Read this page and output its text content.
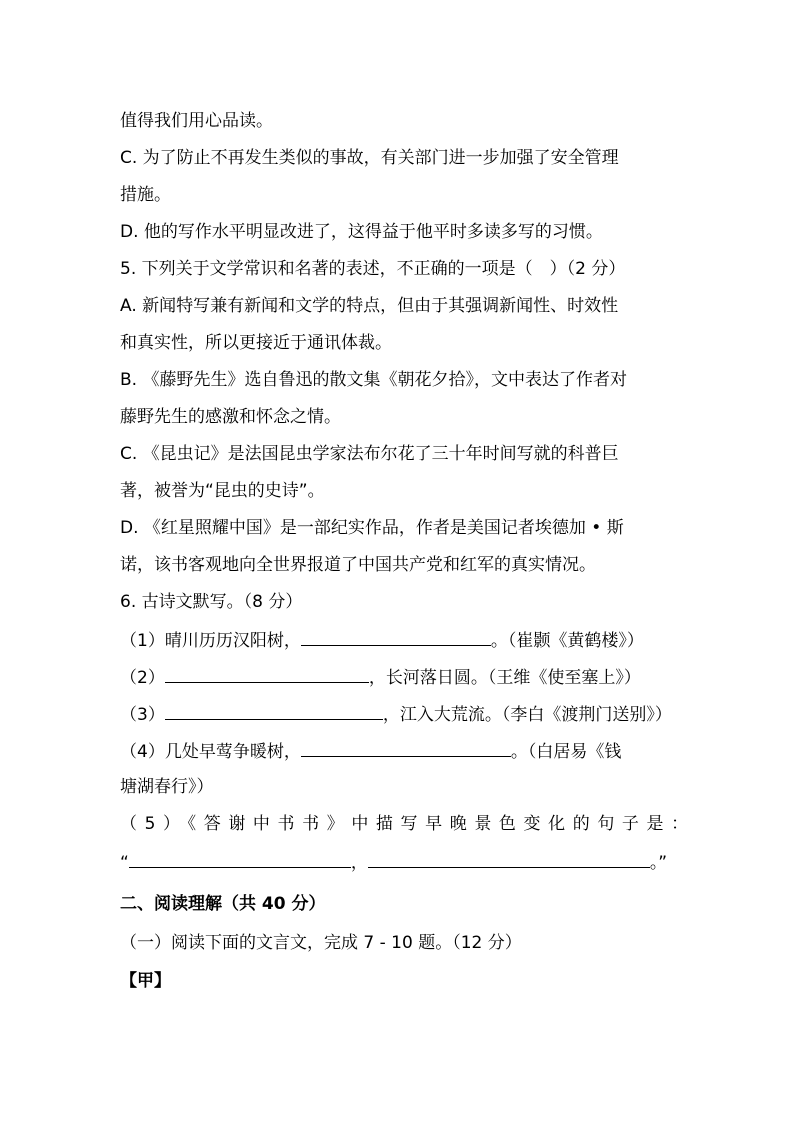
值得我们用心品读。
C. 为了防止不再发生类似的事故，有关部门进一步加强了安全管理
措施。
D. 他的写作水平明显改进了，这得益于他平时多读多写的习惯。
5. 下列关于文学常识和名著的表述，不正确的一项是（　）（2 分）
A. 新闻特写兼有新闻和文学的特点，但由于其强调新闻性、时效性
和真实性，所以更接近于通讯体裁。
B. 《藤野先生》选自鲁迅的散文集《朝花夕拾》，文中表达了作者对
藤野先生的感激和怀念之情。
C. 《昆虫记》是法国昆虫学家法布尔花了三十年时间写就的科普巨
著，被誉为“昆虫的史诗”。
D. 《红星照耀中国》是一部纪实作品，作者是美国记者埃德加 • 斯
诺，该书客观地向全世界报道了中国共产党和红军的真实情况。
6. 古诗文默写。（8 分）
（1）晴川历历汉阳树，	。（崔颢《黄鹤楼》）
（2）	，长河落日圆。（王维《使至塞上》）
（3）	，江入大荒流。（李白《渡荆门送别》）
（4）几处早莺争暖树，	。（白居易《钱
塘湖春行》）
（5）《答谢中书书》中描写早晚景色变化的句子是：
“	，	。”
二、阅读理解（共 40 分）
（一）阅读下面的文言文，完成 7 - 10 题。（12 分）
【甲】
